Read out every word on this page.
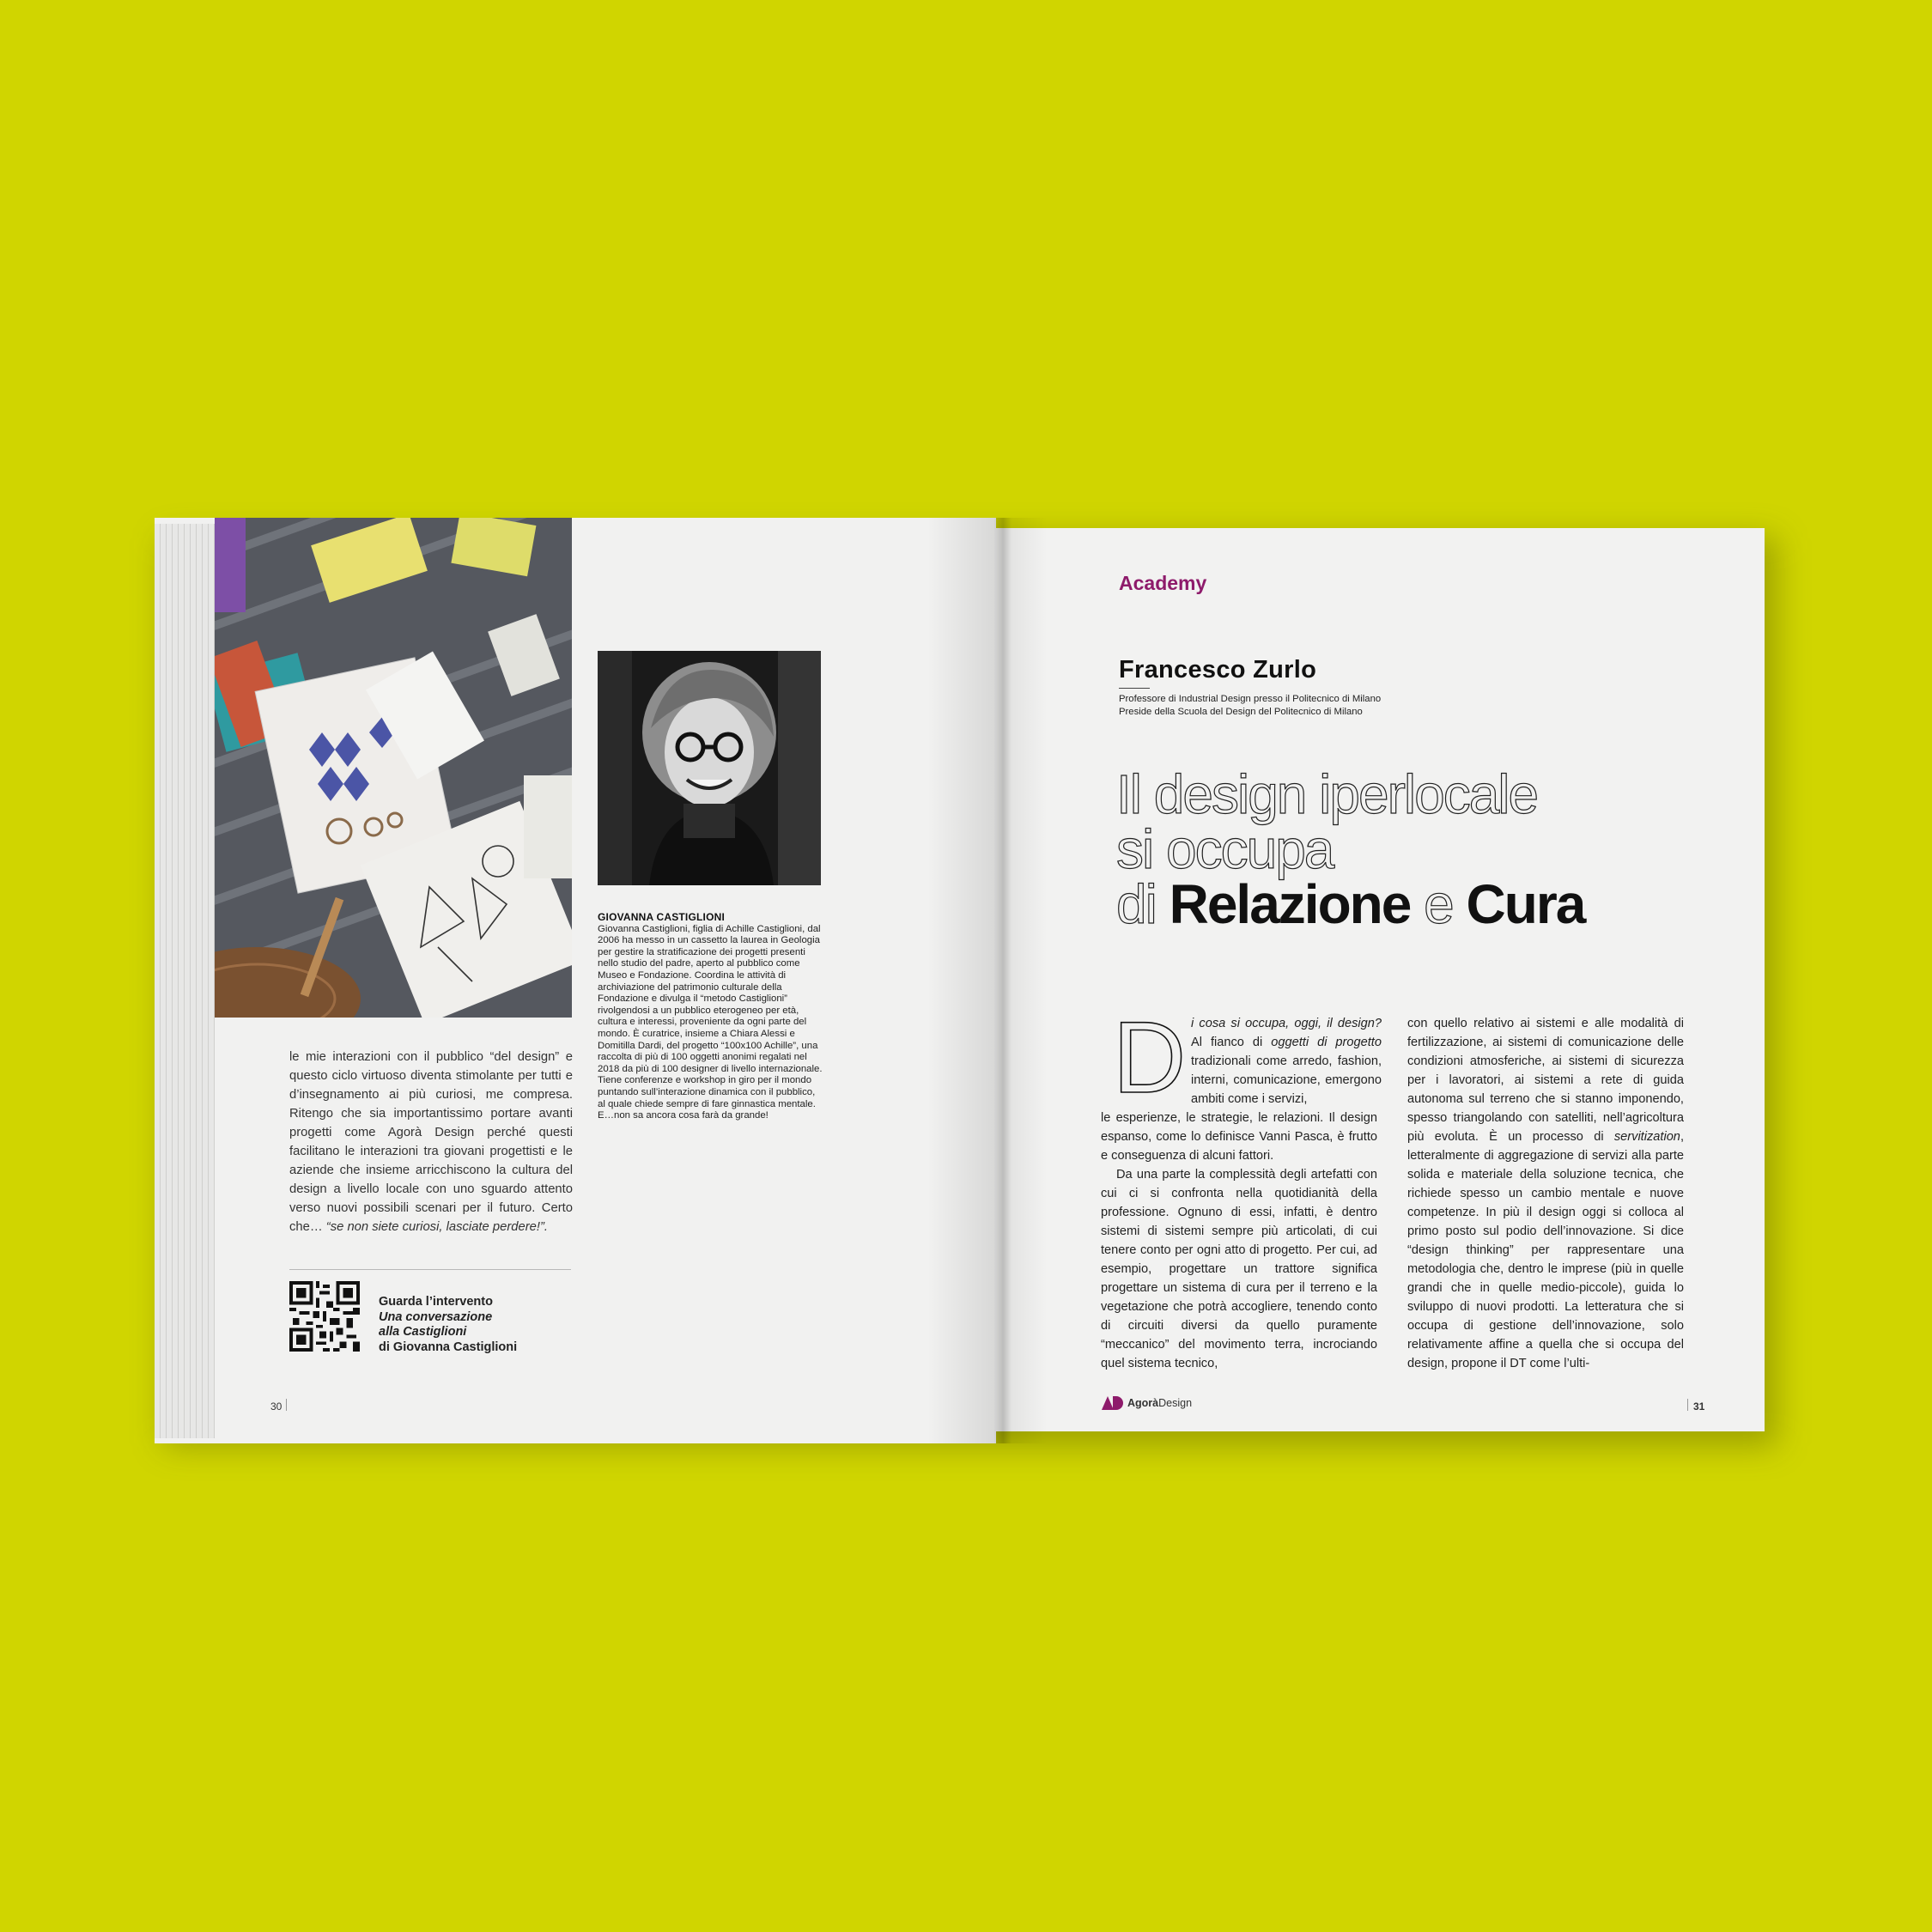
GIOVANNA CASTIGLIONI
Giovanna Castiglioni, figlia di Achille Castiglioni, dal 2006 ha messo in un cassetto la laurea in Geologia per gestire la stratificazione dei progetti presenti nello studio del padre, aperto al pubblico come Museo e Fondazione. Coordina le attività di archiviazione del patrimonio culturale della Fondazione e divulga il “metodo Castiglioni” rivolgendosi a un pubblico eterogeneo per età, cultura e interessi, proveniente da ogni parte del mondo. È curatrice, insieme a Chiara Alessi e Domitilla Dardi, del progetto “100x100 Achille”, una raccolta di più di 100 oggetti anonimi regalati nel 2018 da più di 100 designer di livello internazionale. Tiene conferenze e workshop in giro per il mondo puntando sull’interazione dinamica con il pubblico, al quale chiede sempre di fare ginnastica mentale. E…non sa ancora cosa farà da grande!
le mie interazioni con il pubblico “del design” e questo ciclo virtuoso diventa stimolante per tutti e d’insegnamento ai più curiosi, me compresa. Ritengo che sia importantissimo portare avanti progetti come Agorà Design perché questi facilitano le interazioni tra giovani progettisti e le aziende che insieme arricchiscono la cultura del design a livello locale con uno sguardo attento verso nuovi possibili scenari per il futuro. Certo che… “se non siete curiosi, lasciate perdere!”.
Guarda l’intervento
Una conversazione
alla Castiglioni
di Giovanna Castiglioni
30
Academy
Francesco Zurlo
Professore di Industrial Design presso il Politecnico di Milano
Preside della Scuola del Design del Politecnico di Milano
Il design iperlocale
si occupa
di Relazione e Cura
D i cosa si occupa, oggi, il design? Al fianco di oggetti di progetto tradizionali come arredo, fashion, interni, comunicazione, emergono ambiti come i servizi,

le esperienze, le strategie, le relazioni. Il design espanso, come lo definisce Vanni Pasca, è frutto e conseguenza di alcuni fattori.

Da una parte la complessità degli artefatti con cui ci si confronta nella quotidianità della professione. Ognuno di essi, infatti, è dentro sistemi di sistemi sempre più articolati, di cui tenere conto per ogni atto di progetto. Per cui, ad esempio, progettare un trattore significa progettare un sistema di cura per il terreno e la vegetazione che potrà accogliere, tenendo conto di circuiti diversi da quello puramente “meccanico” del movimento terra, incrociando quel sistema tecnico,

con quello relativo ai sistemi e alle modalità di fertilizzazione, ai sistemi di comunicazione delle condizioni atmosferiche, ai sistemi di sicurezza per i lavoratori, ai sistemi a rete di guida autonoma sul terreno che si stanno imponendo, spesso triangolando con satelliti, nell’agricoltura più evoluta. È un processo di servitization, letteralmente di aggregazione di servizi alla parte solida e materiale della soluzione tecnica, che richiede spesso un cambio mentale e nuove competenze. In più il design oggi si colloca al primo posto sul podio dell’innovazione. Si dice “design thinking” per rappresentare una metodologia che, dentro le imprese (più in quelle grandi che in quelle medio-piccole), guida lo sviluppo di nuovi prodotti. La letteratura che si occupa di gestione dell’innovazione, solo relativamente affine a quella che si occupa del design, propone il DT come l’ulti-

AgoràDesign	31
